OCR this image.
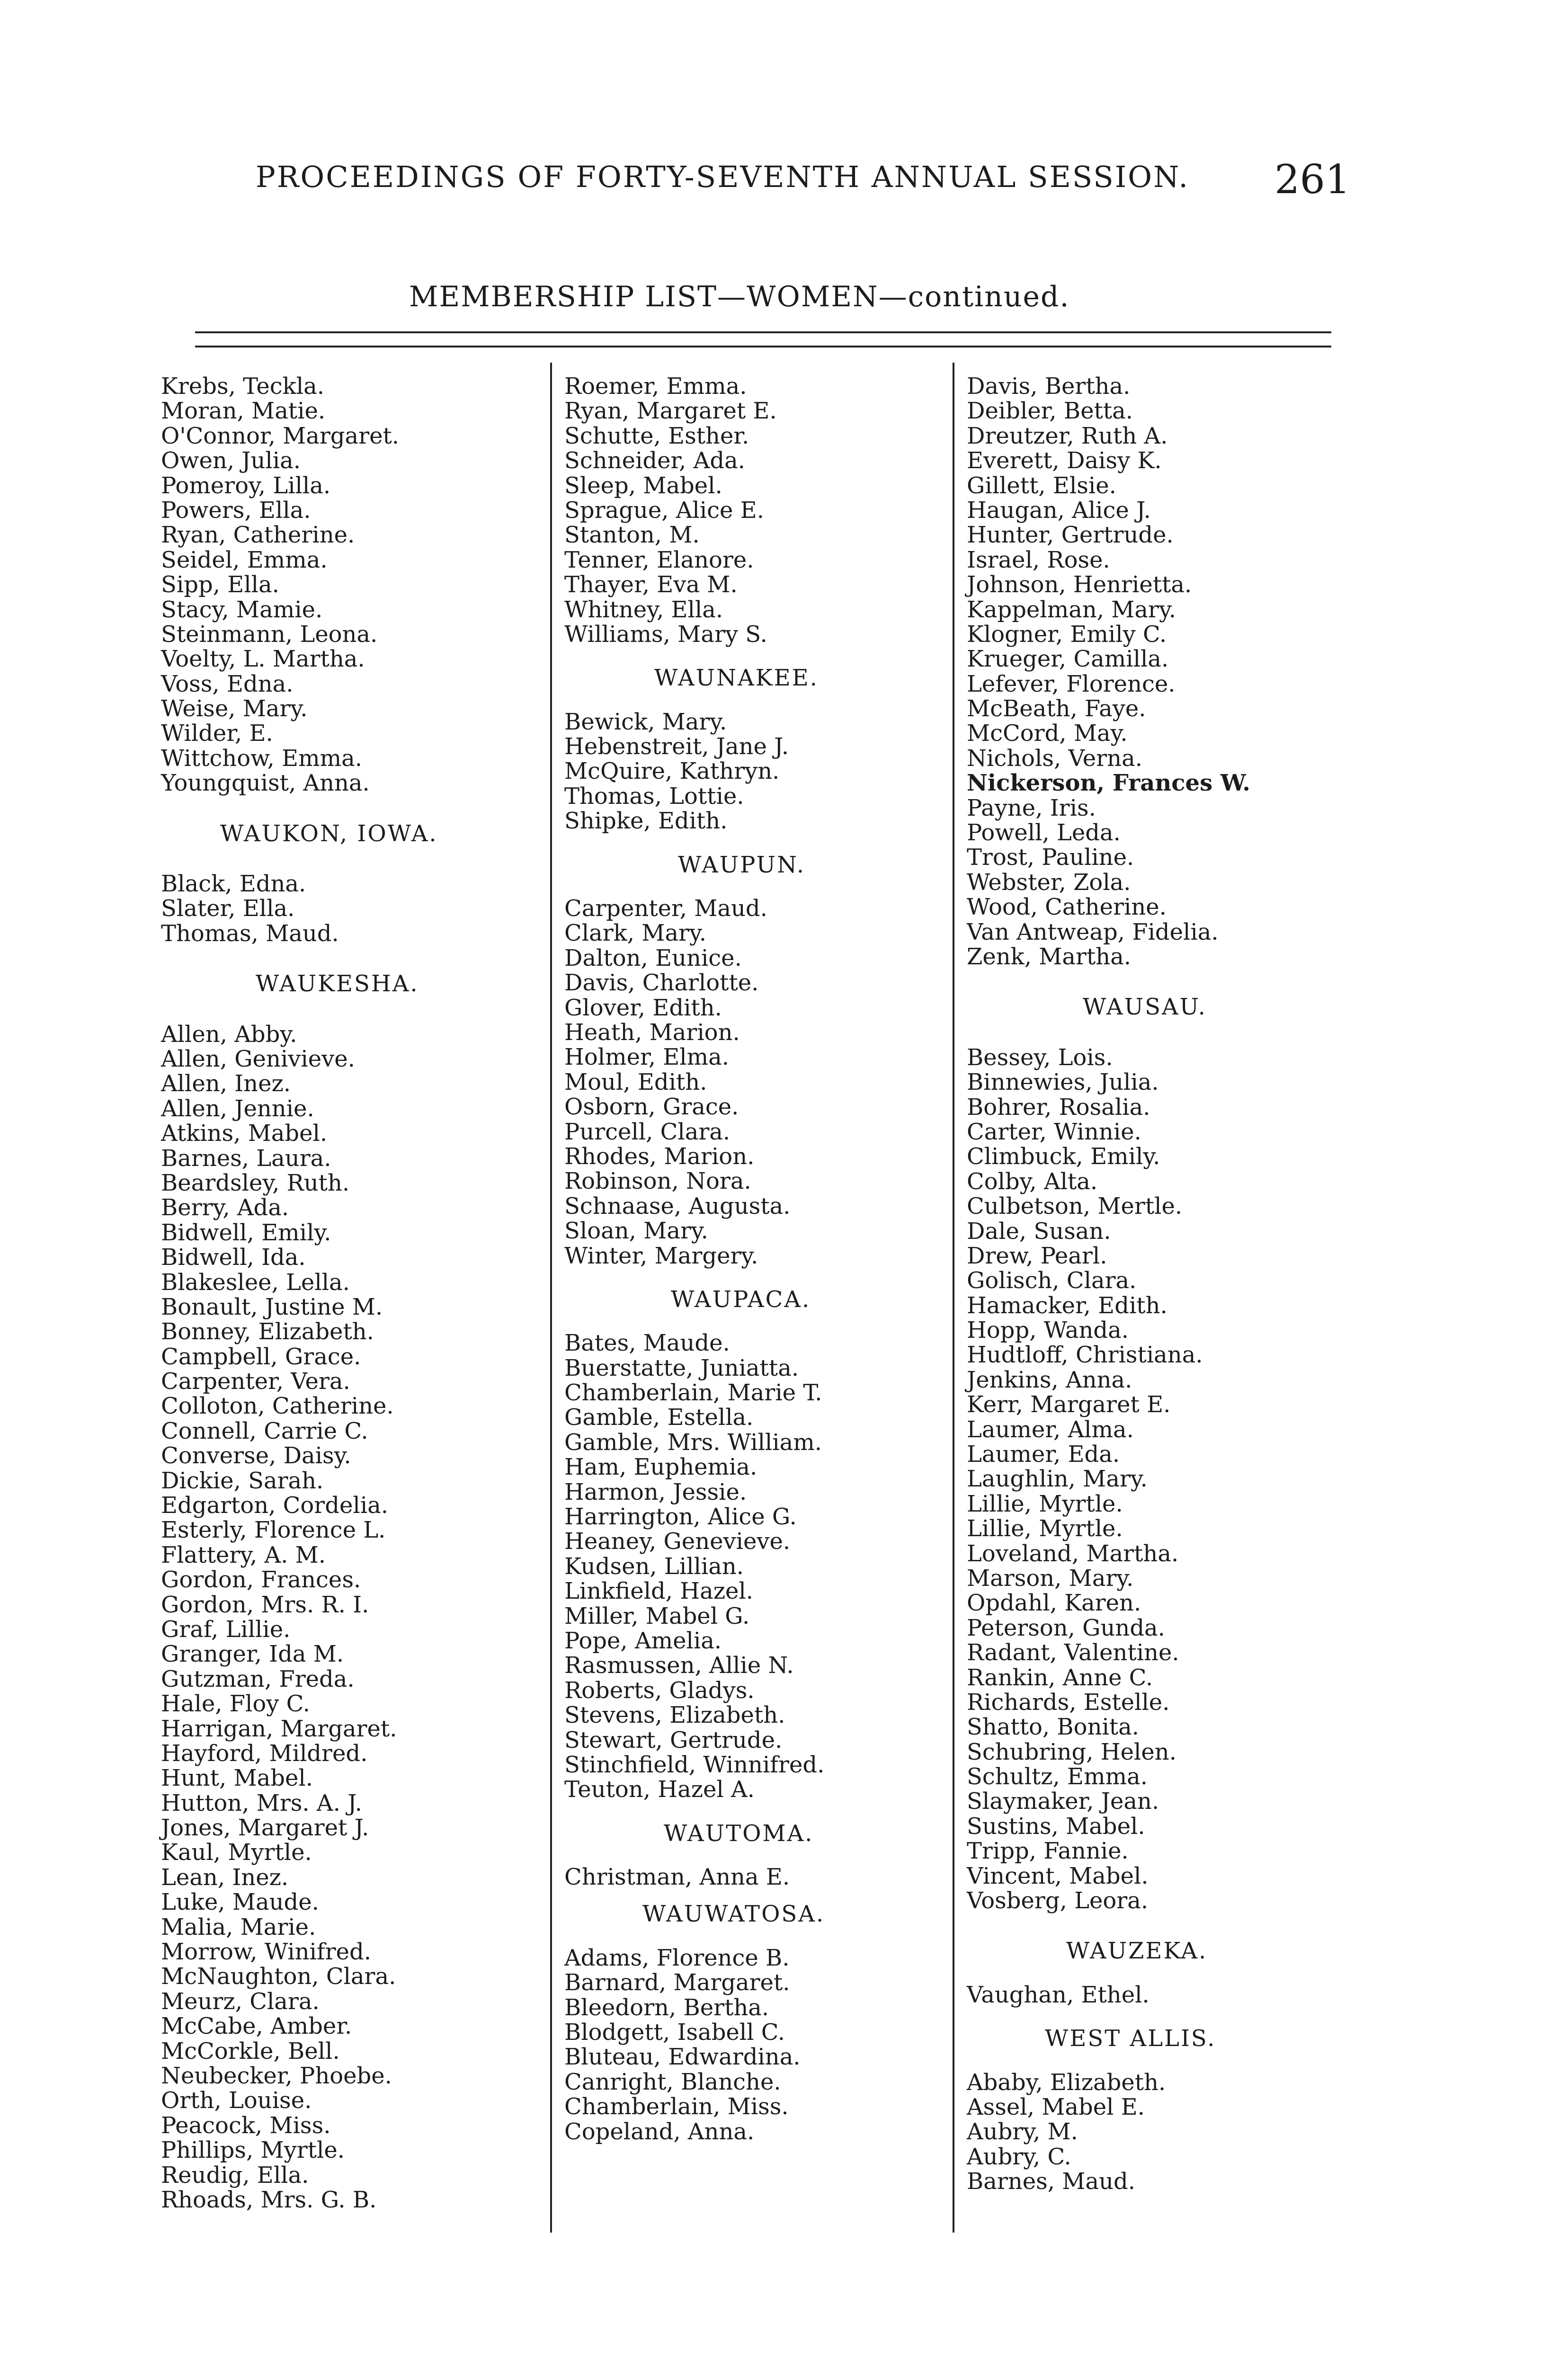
PROCEEDINGS OF FORTY-SEVENTH ANNUAL SESSION. 261
MEMBERSHIP LIST—WOMEN—continued.
Krebs, Teckla.
Moran, Matie.
O'Connor, Margaret.
Owen, Julia.
Pomeroy, Lilla.
Powers, Ella.
Ryan, Catherine.
Seidel, Emma.
Sipp, Ella.
Stacy, Mamie.
Steinmann, Leona.
Voelty, L. Martha.
Voss, Edna.
Weise, Mary.
Wilder, E.
Wittchow, Emma.
Youngquist, Anna.
WAUKON, IOWA.
Black, Edna.
Slater, Ella.
Thomas, Maud.
WAUKESHA.
Allen, Abby.
Allen, Genivieve.
Allen, Inez.
Allen, Jennie.
Atkins, Mabel.
Barnes, Laura.
Beardsley, Ruth.
Berry, Ada.
Bidwell, Emily.
Bidwell, Ida.
Blakeslee, Lella.
Bonault, Justine M.
Bonney, Elizabeth.
Campbell, Grace.
Carpenter, Vera.
Colloton, Catherine.
Connell, Carrie C.
Converse, Daisy.
Dickie, Sarah.
Edgarton, Cordelia.
Esterly, Florence L.
Flattery, A. M.
Gordon, Frances.
Gordon, Mrs. R. I.
Graf, Lillie.
Granger, Ida M.
Gutzman, Freda.
Hale, Floy C.
Harrigan, Margaret.
Hayford, Mildred.
Hunt, Mabel.
Hutton, Mrs. A. J.
Jones, Margaret J.
Kaul, Myrtle.
Lean, Inez.
Luke, Maude.
Malia, Marie.
Morrow, Winifred.
McNaughton, Clara.
Meurz, Clara.
McCabe, Amber.
McCorkle, Bell.
Neubecker, Phoebe.
Orth, Louise.
Peacock, Miss.
Phillips, Myrtle.
Reudig, Ella.
Rhoads, Mrs. G. B.
Roemer, Emma.
Ryan, Margaret E.
Schutte, Esther.
Schneider, Ada.
Sleep, Mabel.
Sprague, Alice E.
Stanton, M.
Tenner, Elanore.
Thayer, Eva M.
Whitney, Ella.
Williams, Mary S.
WAUNAKEE.
Bewick, Mary.
Hebenstreit, Jane J.
McQuire, Kathryn.
Thomas, Lottie.
Shipke, Edith.
WAUPUN.
Carpenter, Maud.
Clark, Mary.
Dalton, Eunice.
Davis, Charlotte.
Glover, Edith.
Heath, Marion.
Holmer, Elma.
Moul, Edith.
Osborn, Grace.
Purcell, Clara.
Rhodes, Marion.
Robinson, Nora.
Schnaase, Augusta.
Sloan, Mary.
Winter, Margery.
WAUPACA.
Bates, Maude.
Buerstatte, Juniatta.
Chamberlain, Marie T.
Gamble, Estella.
Gamble, Mrs. William.
Ham, Euphemia.
Harmon, Jessie.
Harrington, Alice G.
Heaney, Genevieve.
Kudsen, Lillian.
Linkfield, Hazel.
Miller, Mabel G.
Pope, Amelia.
Rasmussen, Allie N.
Roberts, Gladys.
Stevens, Elizabeth.
Stewart, Gertrude.
Stinchfield, Winnifred.
Teuton, Hazel A.
WAUTOMA.
Christman, Anna E.
WAUWATOSA.
Adams, Florence B.
Barnard, Margaret.
Bleedorn, Bertha.
Blodgett, Isabell C.
Bluteau, Edwardina.
Canright, Blanche.
Chamberlain, Miss.
Copeland, Anna.
Davis, Bertha.
Deibler, Betta.
Dreutzer, Ruth A.
Everett, Daisy K.
Gillett, Elsie.
Haugan, Alice J.
Hunter, Gertrude.
Israel, Rose.
Johnson, Henrietta.
Kappelman, Mary.
Klogner, Emily C.
Krueger, Camilla.
Lefever, Florence.
McBeath, Faye.
McCord, May.
Nichols, Verna.
Nickerson, Frances W.
Payne, Iris.
Powell, Leda.
Trost, Pauline.
Webster, Zola.
Wood, Catherine.
Van Antweap, Fidelia.
Zenk, Martha.
WAUSAU.
Bessey, Lois.
Binnewies, Julia.
Bohrer, Rosalia.
Carter, Winnie.
Climbuck, Emily.
Colby, Alta.
Culbetson, Mertle.
Dale, Susan.
Drew, Pearl.
Golisch, Clara.
Hamacker, Edith.
Hopp, Wanda.
Hudtloff, Christiana.
Jenkins, Anna.
Kerr, Margaret E.
Laumer, Alma.
Laumer, Eda.
Laughlin, Mary.
Lillie, Myrtle.
Lillie, Myrtle.
Loveland, Martha.
Marson, Mary.
Opdahl, Karen.
Peterson, Gunda.
Radant, Valentine.
Rankin, Anne C.
Richards, Estelle.
Shatto, Bonita.
Schubring, Helen.
Schultz, Emma.
Slaymaker, Jean.
Sustins, Mabel.
Tripp, Fannie.
Vincent, Mabel.
Vosberg, Leora.
WAUZEKA.
Vaughan, Ethel.
WEST ALLIS.
Ababy, Elizabeth.
Assel, Mabel E.
Aubry, M.
Aubry, C.
Barnes, Maud.
